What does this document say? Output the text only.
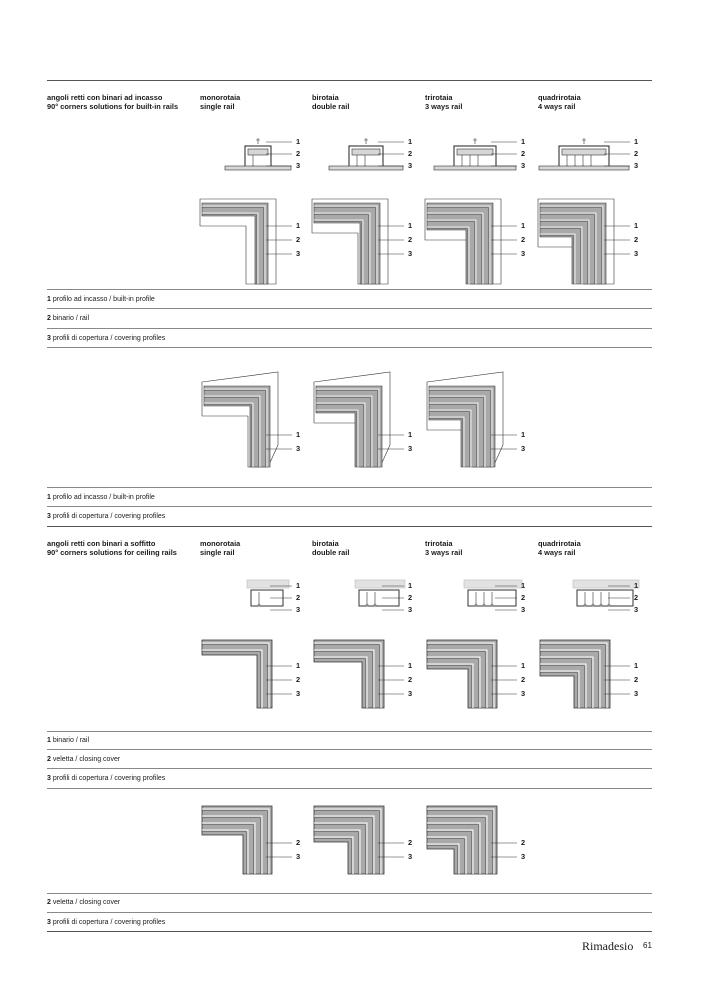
angoli retti con binari ad incasso
90° corners solutions for built-in rails
monorotaia
single rail
birotaia
double rail
trirotaia
3 ways rail
quadrirotaia
4 ways rail
1 profilo ad incasso / built-in profile
2 binario / rail
3 profili di copertura / covering profiles
1 profilo ad incasso / built-in profile
3 profili di copertura / covering profiles
angoli retti con binari a soffitto
90° corners solutions for ceiling rails
monorotaia
single rail
birotaia
double rail
trirotaia
3 ways rail
quadrirotaia
4 ways rail
1 binario / rail
2 veletta / closing cover
3 profili di copertura / covering profiles
2 veletta / closing cover
3 profili di copertura / covering profiles
1
2
3
1
2
3
1
2
3
1
2
3
1
2
3
1
2
3
1
2
3
1
2
3
1
3
1
3
1
3
1
2
3
1
2
3
1
2
3
1
2
3
1
2
3
1
2
3
1
2
3
1
2
3
2
3
2
3
2
3
Rimadesio 61
